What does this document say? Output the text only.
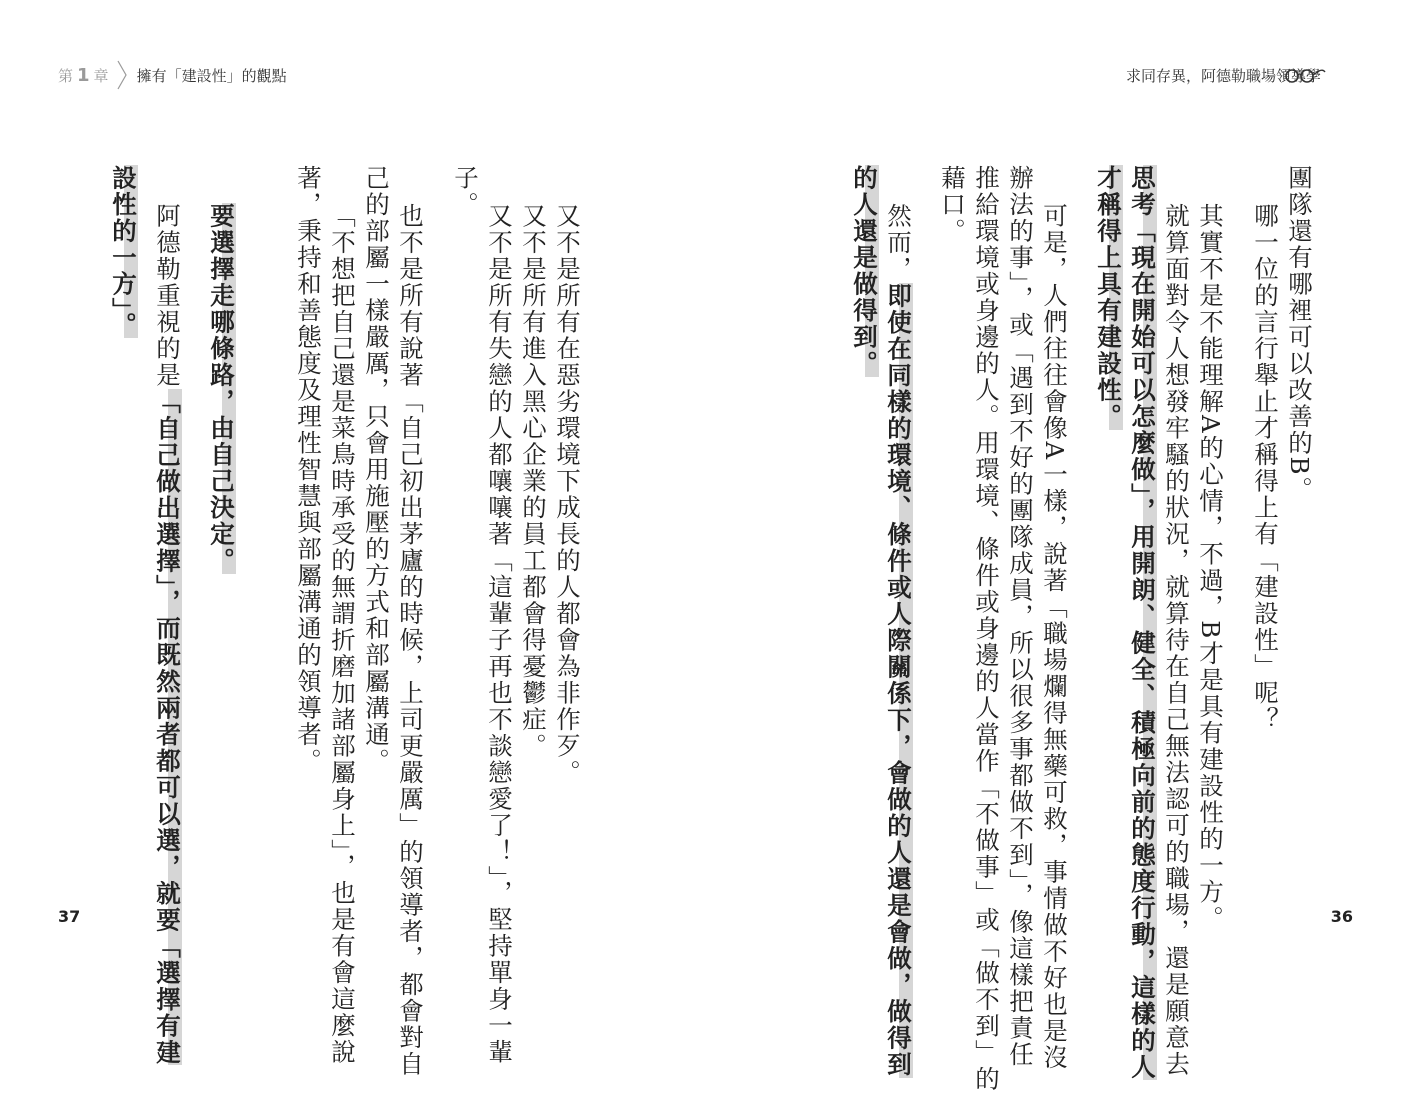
第 1 章 擁有「建設性」的觀點
又不是所有在惡劣環境下成長的人都會為非作歹。
又不是所有進入黑心企業的員工都會得憂鬱症。
又不是所有失戀的人都嚷嚷著「這輩子再也不談戀愛了！」，堅持單身一輩
子。
也不是所有說著「自己初出茅廬的時候，上司更嚴厲」的領導者，都會對自
己的部屬一樣嚴厲，只會用施壓的方式和部屬溝通。
「不想把自己還是菜鳥時承受的無謂折磨加諸部屬身上」，也是有會這麼說
著，秉持和善態度及理性智慧與部屬溝通的領導者。
要選擇走哪條路，由自己決定。
阿德勒重視的是「自己做出選擇」，而既然兩者都可以選，就要「選擇有建
設性的一方」。
37
求同存異，阿德勒職場領導學
團隊還有哪裡可以改善的B。
哪一位的言行舉止才稱得上有「建設性」呢？
其實不是不能理解A的心情，不過，B才是具有建設性的一方。
就算面對令人想發牢騷的狀況，就算待在自己無法認可的職場，還是願意去
思考「現在開始可以怎麼做」，用開朗、健全、積極向前的態度行動，這樣的人
才稱得上具有建設性。
可是，人們往往會像A一樣，說著「職場爛得無藥可救，事情做不好也是沒
辦法的事」，或「遇到不好的團隊成員，所以很多事都做不到」，像這樣把責任
推給環境或身邊的人。用環境、條件或身邊的人當作「不做事」或「做不到」的
藉口。
然而，即使在同樣的環境、條件或人際關係下，會做的人還是會做，做得到
的人還是做得到。
36
